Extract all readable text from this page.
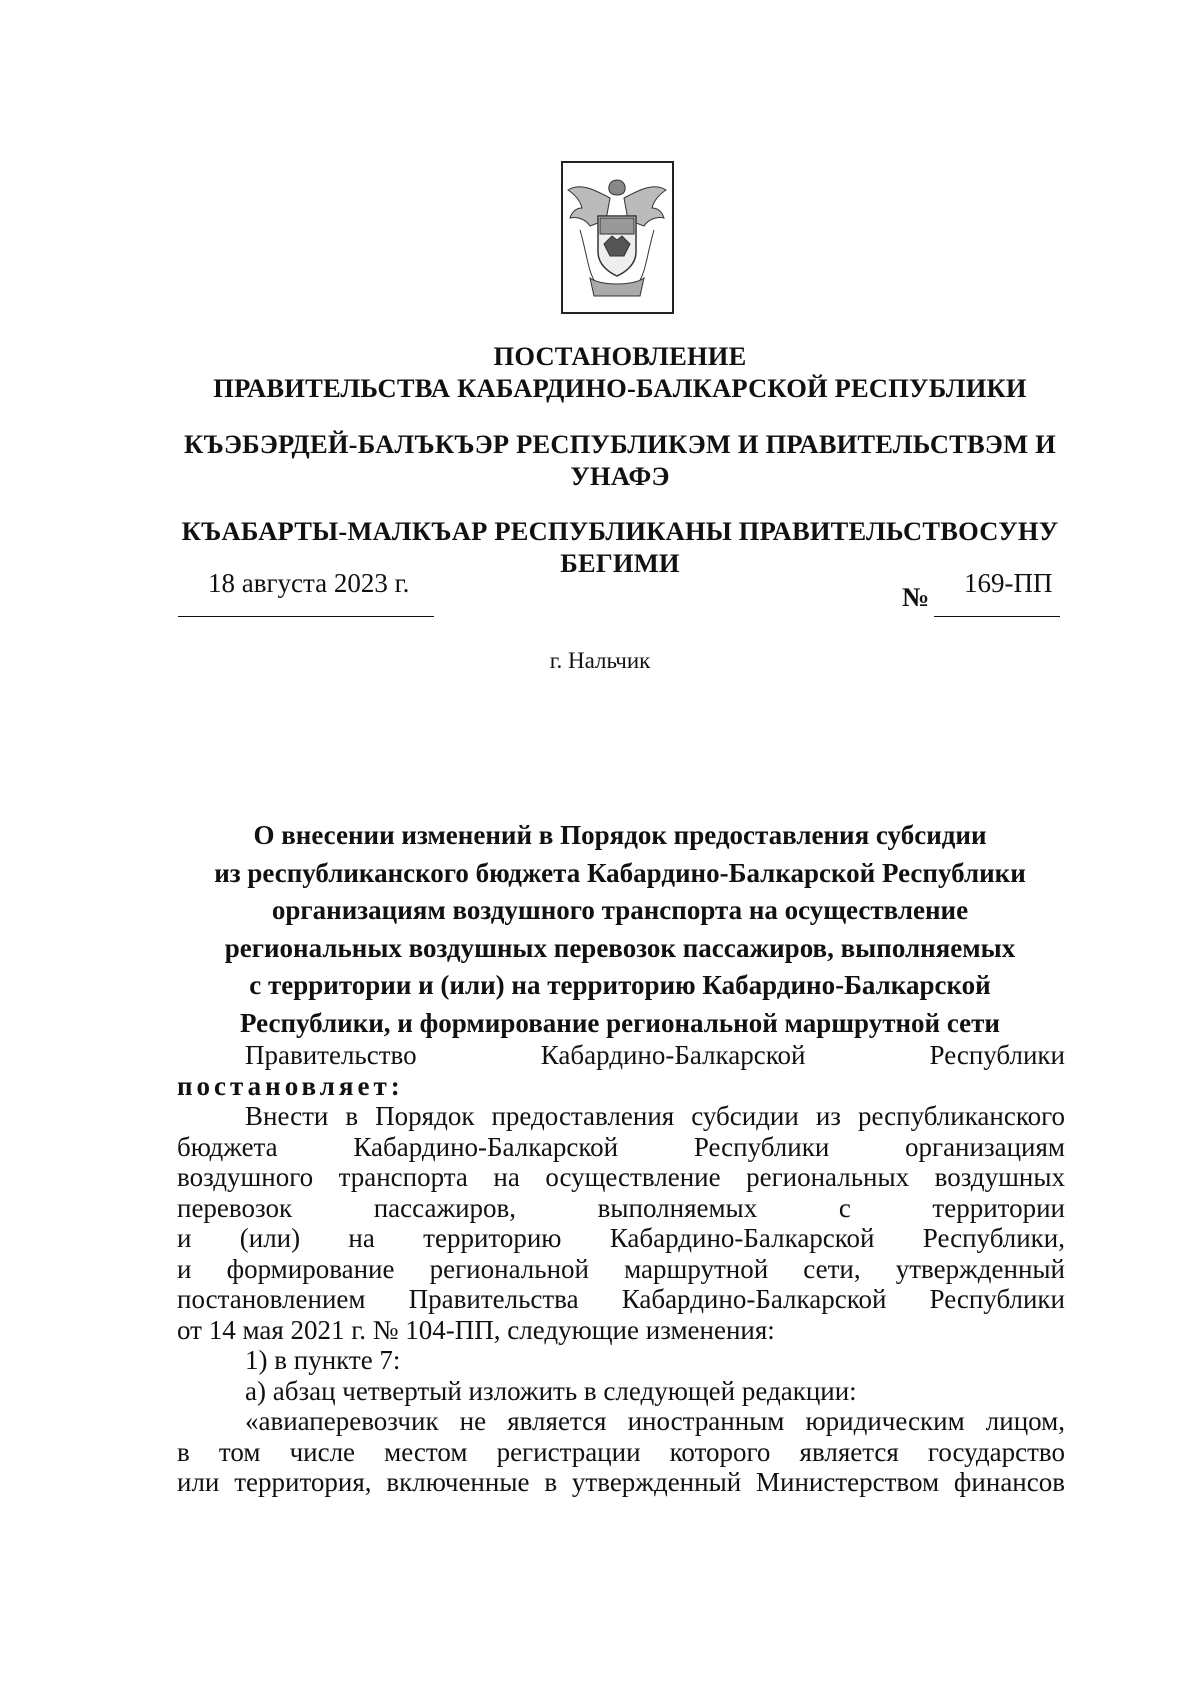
ПОСТАНОВЛЕНИЕ
ПРАВИТЕЛЬСТВА КАБАРДИНО-БАЛКАРСКОЙ РЕСПУБЛИКИ
КЪЭБЭРДЕЙ-БАЛЪКЪЭР РЕСПУБЛИКЭМ И ПРАВИТЕЛЬСТВЭМ И
УНАФЭ
КЪАБАРТЫ-МАЛКЪАР РЕСПУБЛИКАНЫ ПРАВИТЕЛЬСТВОСУНУ
БЕГИМИ
18 августа 2023 г.	№ 169-ПП
г. Нальчик
О внесении изменений в Порядок предоставления субсидии
из республиканского бюджета Кабардино-Балкарской Республики
организациям воздушного транспорта на осуществление
региональных воздушных перевозок пассажиров, выполняемых
с территории и (или) на территорию Кабардино-Балкарской
Республики, и формирование региональной маршрутной сети
Правительство	Кабардино-Балкарской	Республики
постановляет:
Внести в Порядок предоставления субсидии из республиканского
бюджета Кабардино-Балкарской Республики организациям
воздушного транспорта на осуществление региональных воздушных
перевозок пассажиров, выполняемых с территории
и (или) на территорию Кабардино-Балкарской Республики,
и формирование региональной маршрутной сети, утвержденный
постановлением Правительства Кабардино-Балкарской Республики
от 14 мая 2021 г. № 104-ПП, следующие изменения:
1) в пункте 7:
а) абзац четвертый изложить в следующей редакции:
«авиаперевозчик не является иностранным юридическим лицом,
в том числе местом регистрации которого является государство
или территория, включенные в утвержденный Министерством финансов
